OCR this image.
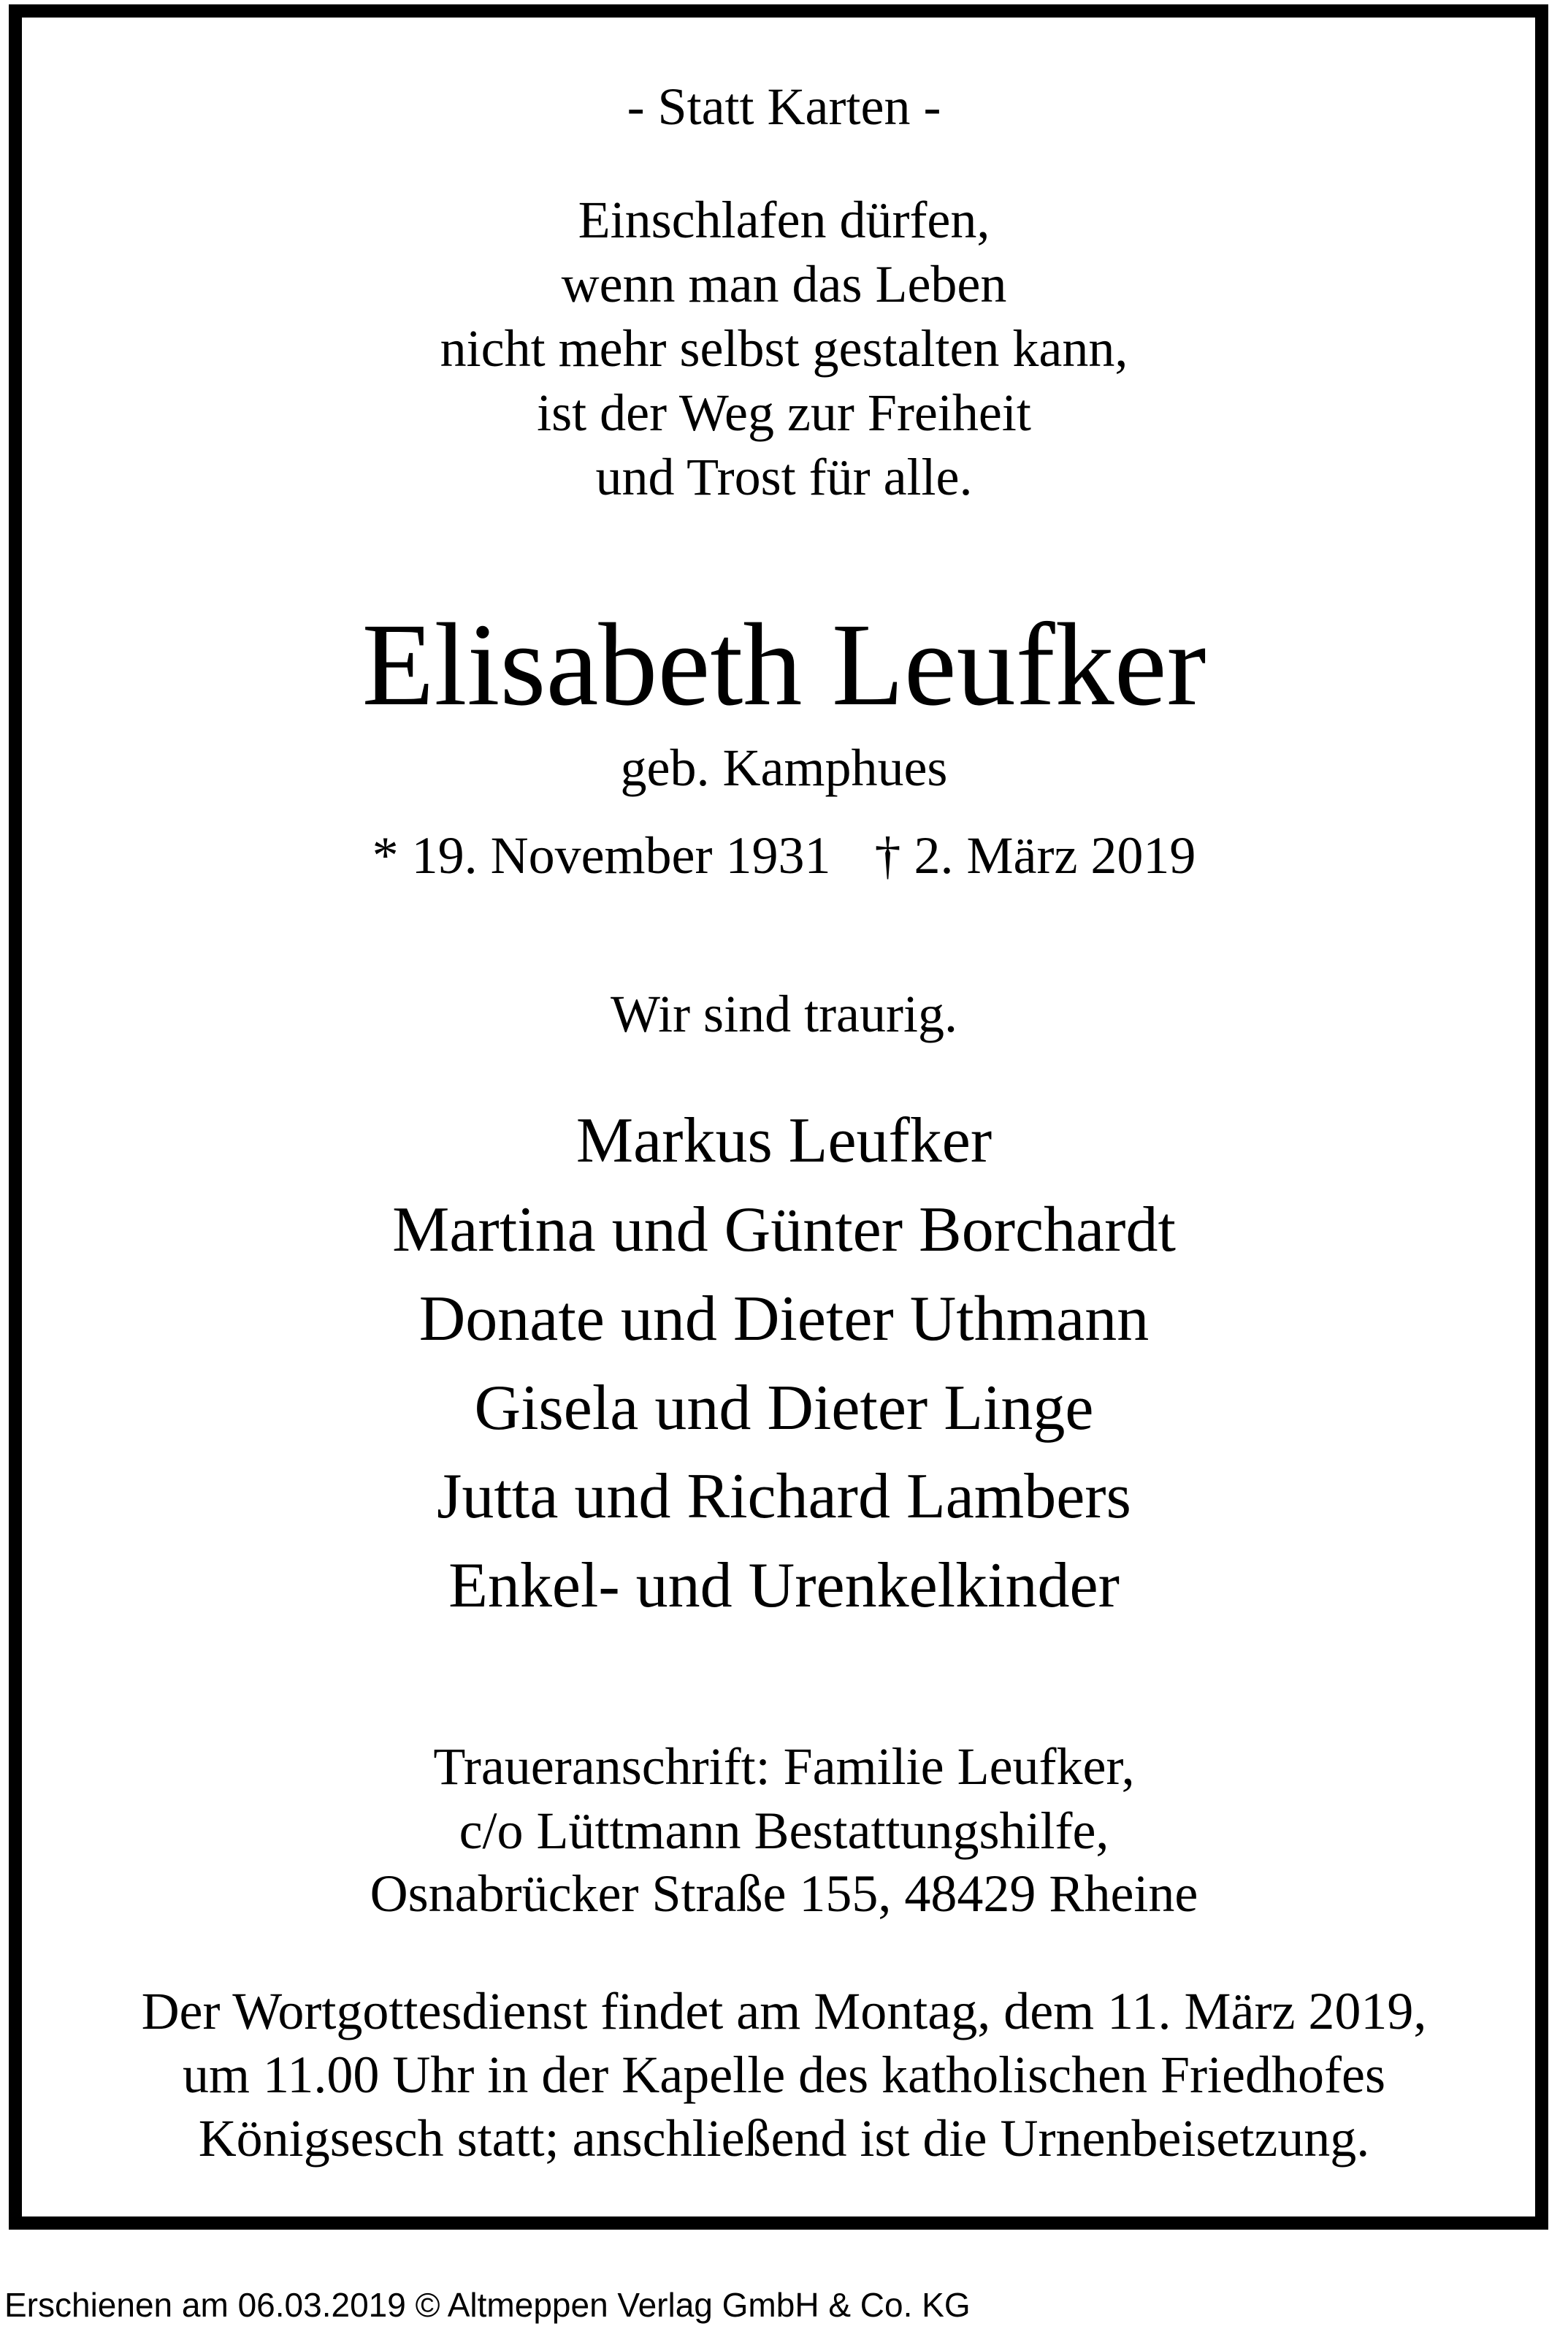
- Statt Karten -
Einschlafen dürfen,
wenn man das Leben
nicht mehr selbst gestalten kann,
ist der Weg zur Freiheit
und Trost für alle.
Elisabeth Leufker
geb. Kamphues
* 19. November 1931 † 2. März 2019
Wir sind traurig.
Markus Leufker
Martina und Günter Borchardt
Donate und Dieter Uthmann
Gisela und Dieter Linge
Jutta und Richard Lambers
Enkel- und Urenkelkinder
Traueranschrift: Familie Leufker,
c/o Lüttmann Bestattungshilfe,
Osnabrücker Straße 155, 48429 Rheine
Der Wortgottesdienst findet am Montag, dem 11. März 2019,
um 11.00 Uhr in der Kapelle des katholischen Friedhofes
Königsesch statt; anschließend ist die Urnenbeisetzung.
Erschienen am 06.03.2019 © Altmeppen Verlag GmbH & Co. KG
